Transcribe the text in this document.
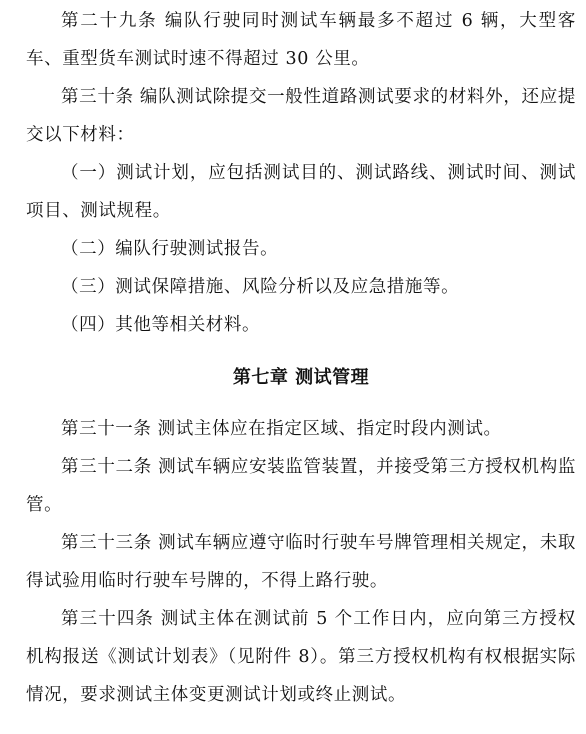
第二十九条 编队行驶同时测试车辆最多不超过 6 辆，大型客车、重型货车测试时速不得超过 30 公里。

第三十条 编队测试除提交一般性道路测试要求的材料外，还应提交以下材料：

（一）测试计划，应包括测试目的、测试路线、测试时间、测试项目、测试规程。

（二）编队行驶测试报告。

（三）测试保障措施、风险分析以及应急措施等。

（四）其他等相关材料。

第七章 测试管理

第三十一条 测试主体应在指定区域、指定时段内测试。

第三十二条 测试车辆应安装监管装置，并接受第三方授权机构监管。

第三十三条 测试车辆应遵守临时行驶车号牌管理相关规定，未取得试验用临时行驶车号牌的，不得上路行驶。

第三十四条 测试主体在测试前 5 个工作日内，应向第三方授权机构报送《测试计划表》（见附件 8）。第三方授权机构有权根据实际情况，要求测试主体变更测试计划或终止测试。
